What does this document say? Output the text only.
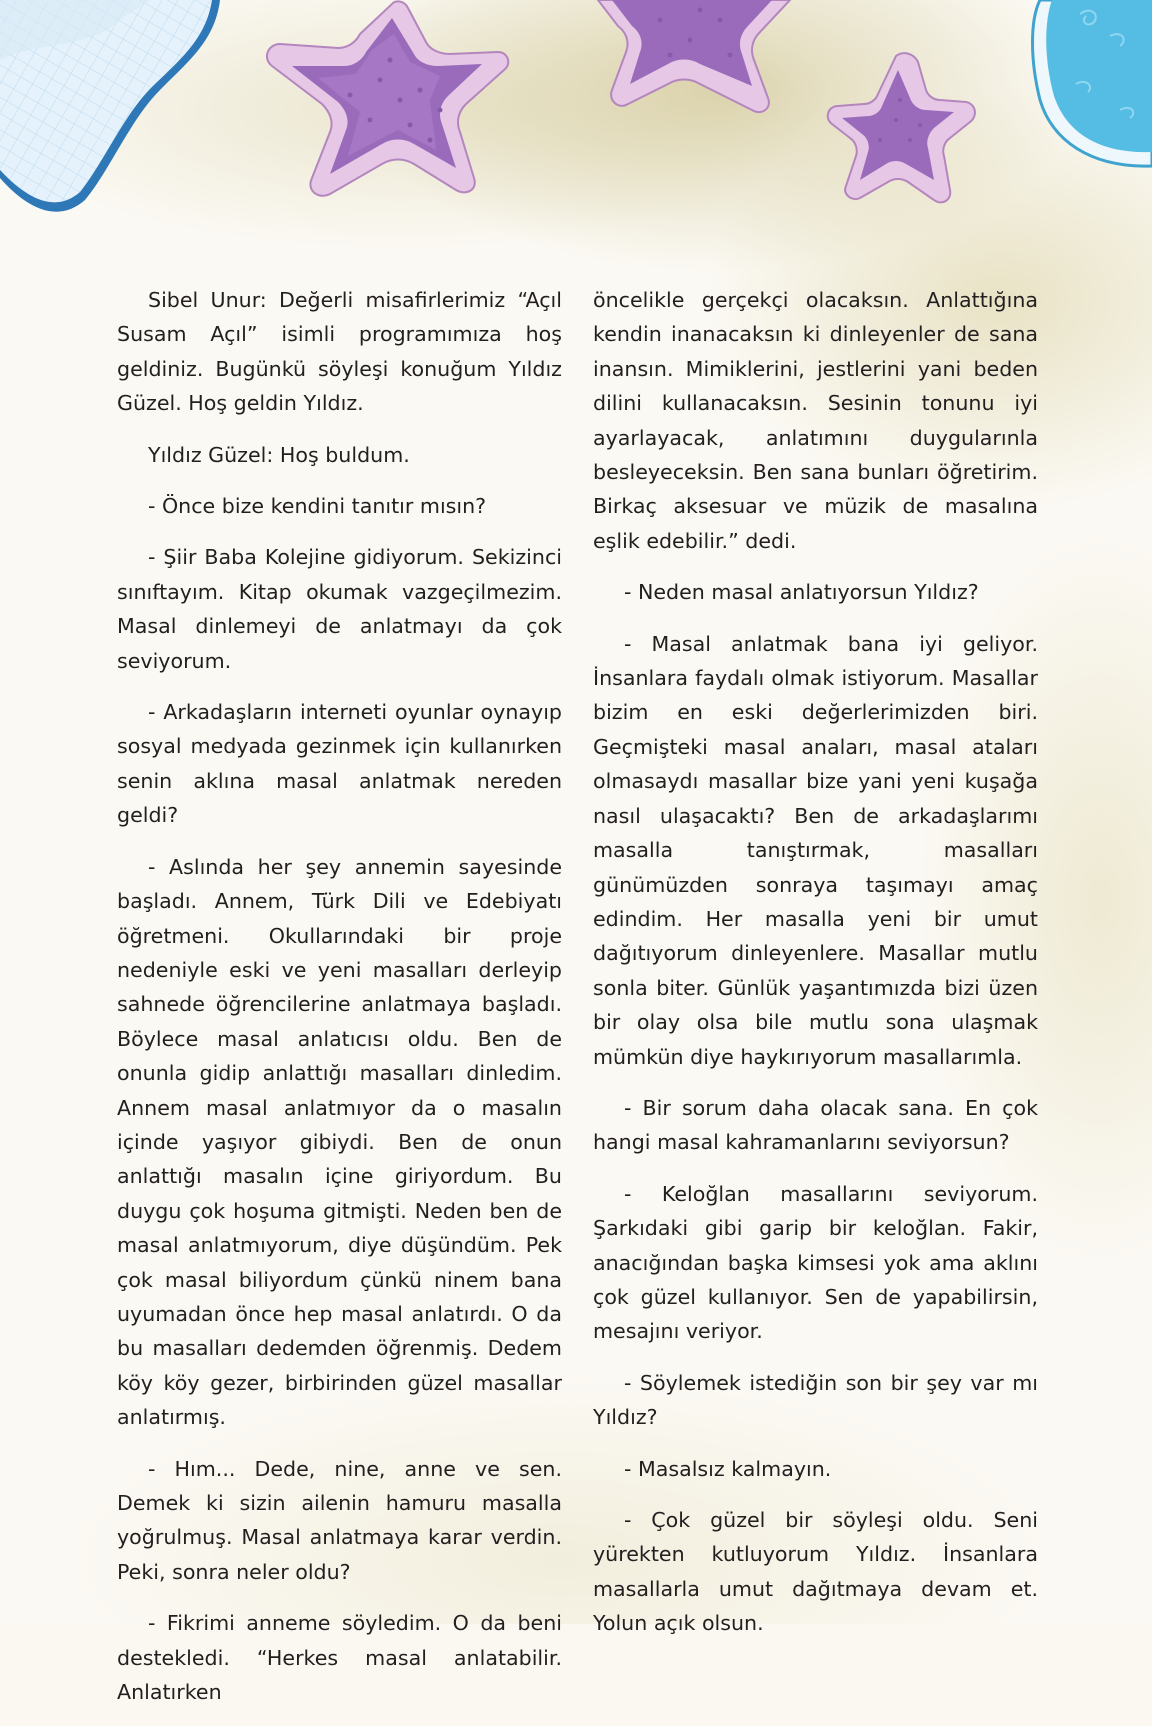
Sibel Unur: Değerli misafirlerimiz “Açıl Susam Açıl” isimli programımıza hoş geldiniz. Bugünkü söyleşi konuğum Yıldız Güzel. Hoş geldin Yıldız.

Yıldız Güzel: Hoş buldum.

- Önce bize kendini tanıtır mısın?

- Şiir Baba Kolejine gidiyorum. Sekizinci sınıftayım. Kitap okumak vazgeçilmezim. Masal dinlemeyi de anlatmayı da çok seviyorum.

- Arkadaşların interneti oyunlar oynayıp sosyal medyada gezinmek için kullanırken senin aklına masal anlatmak nereden geldi?

- Aslında her şey annemin sayesinde başladı. Annem, Türk Dili ve Edebiyatı öğretmeni. Okullarındaki bir proje nedeniyle eski ve yeni masalları derleyip sahnede öğrencilerine anlatmaya başladı. Böylece masal anlatıcısı oldu. Ben de onunla gidip anlattığı masalları dinledim. Annem masal anlatmıyor da o masalın içinde yaşıyor gibiydi. Ben de onun anlattığı masalın içine giriyordum. Bu duygu çok hoşuma gitmişti. Neden ben de masal anlatmıyorum, diye düşündüm. Pek çok masal biliyordum çünkü ninem bana uyumadan önce hep masal anlatırdı. O da bu masalları dedemden öğrenmiş. Dedem köy köy gezer, birbirinden güzel masallar anlatırmış.

- Hım... Dede, nine, anne ve sen. Demek ki sizin ailenin hamuru masalla yoğrulmuş. Masal anlatmaya karar verdin. Peki, sonra neler oldu?

- Fikrimi anneme söyledim. O da beni destekledi. “Herkes masal anlatabilir. Anlatırken

öncelikle gerçekçi olacaksın. Anlattığına kendin inanacaksın ki dinleyenler de sana inansın. Mimiklerini, jestlerini yani beden dilini kullanacaksın. Sesinin tonunu iyi ayarlayacak, anlatımını duygularınla besleyeceksin. Ben sana bunları öğretirim. Birkaç aksesuar ve müzik de masalına eşlik edebilir.” dedi.

- Neden masal anlatıyorsun Yıldız?

- Masal anlatmak bana iyi geliyor. İnsanlara faydalı olmak istiyorum. Masallar bizim en eski değerlerimizden biri. Geçmişteki masal anaları, masal ataları olmasaydı masallar bize yani yeni kuşağa nasıl ulaşacaktı? Ben de arkadaşlarımı masalla tanıştırmak, masalları günümüzden sonraya taşımayı amaç edindim. Her masalla yeni bir umut dağıtıyorum dinleyenlere. Masallar mutlu sonla biter. Günlük yaşantımızda bizi üzen bir olay olsa bile mutlu sona ulaşmak mümkün diye haykırıyorum masallarımla.

- Bir sorum daha olacak sana. En çok hangi masal kahramanlarını seviyorsun?

- Keloğlan masallarını seviyorum. Şarkıdaki gibi garip bir keloğlan. Fakir, anacığından başka kimsesi yok ama aklını çok güzel kullanıyor. Sen de yapabilirsin, mesajını veriyor.

- Söylemek istediğin son bir şey var mı Yıldız?

- Masalsız kalmayın.

- Çok güzel bir söyleşi oldu. Seni yürekten kutluyorum Yıldız. İnsanlara masallarla umut dağıtmaya devam et. Yolun açık olsun.
